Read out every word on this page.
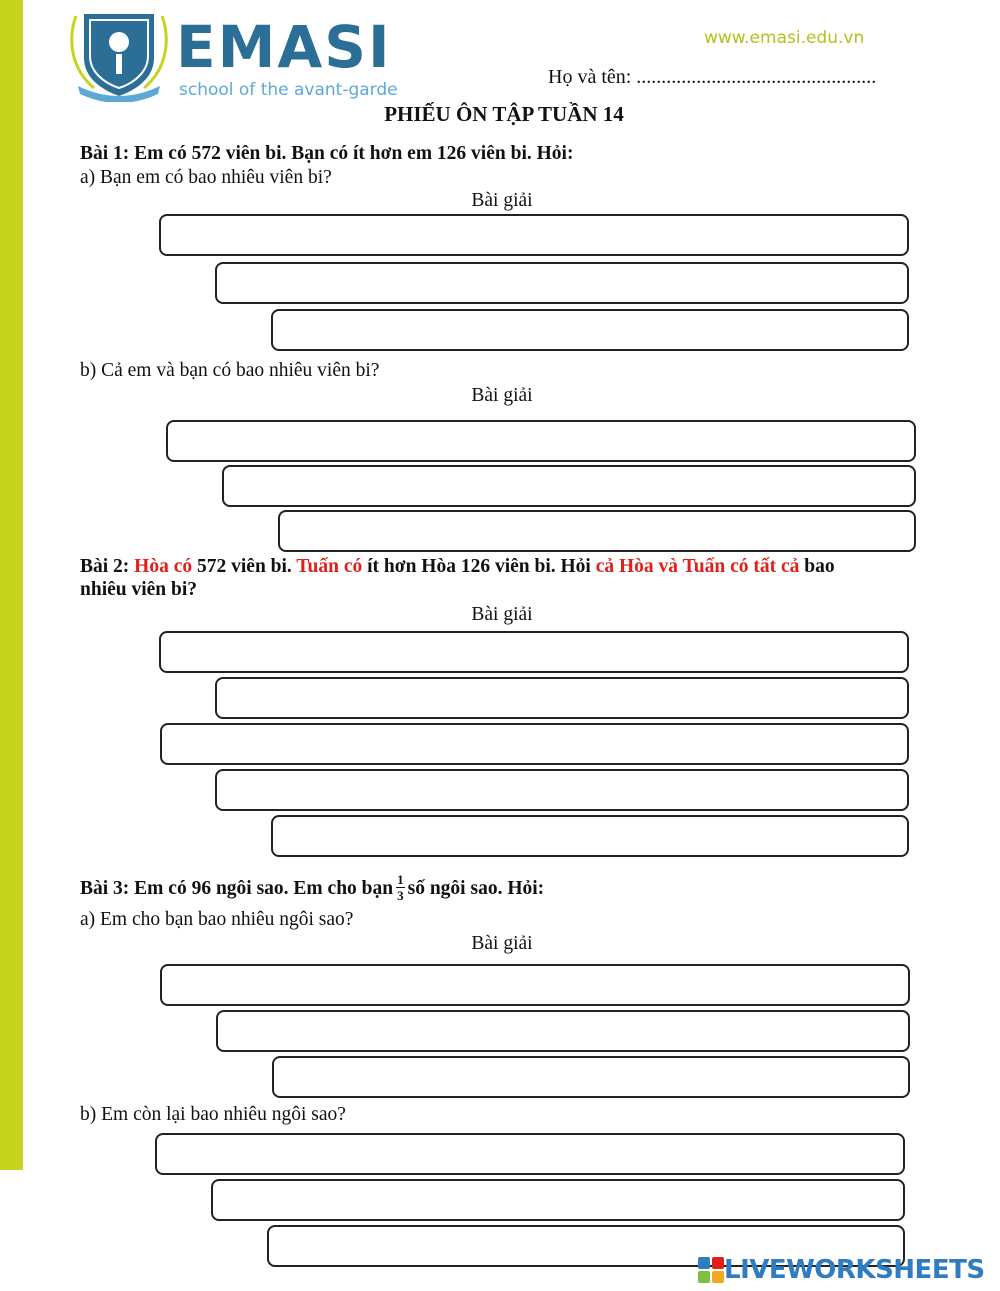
EMASI
school of the avant-garde
www.emasi.edu.vn
Họ và tên: ................................................
PHIẾU ÔN TẬP TUẦN 14
Bài 1: Em có 572 viên bi. Bạn có ít hơn em 126 viên bi. Hỏi:
a) Bạn em có bao nhiêu viên bi?
Bài giải
b) Cả em và bạn có bao nhiêu viên bi?
Bài giải
Bài 2: Hòa có 572 viên bi. Tuấn có ít hơn Hòa 126 viên bi. Hỏi cả Hòa và Tuấn có tất cả bao
nhiêu viên bi?
Bài giải
Bài 3: Em có 96 ngôi sao. Em cho bạn $\frac{1}{3}$ số ngôi sao. Hỏi:
a) Em cho bạn bao nhiêu ngôi sao?
Bài giải
b) Em còn lại bao nhiêu ngôi sao?
LIVEWORKSHEETS
